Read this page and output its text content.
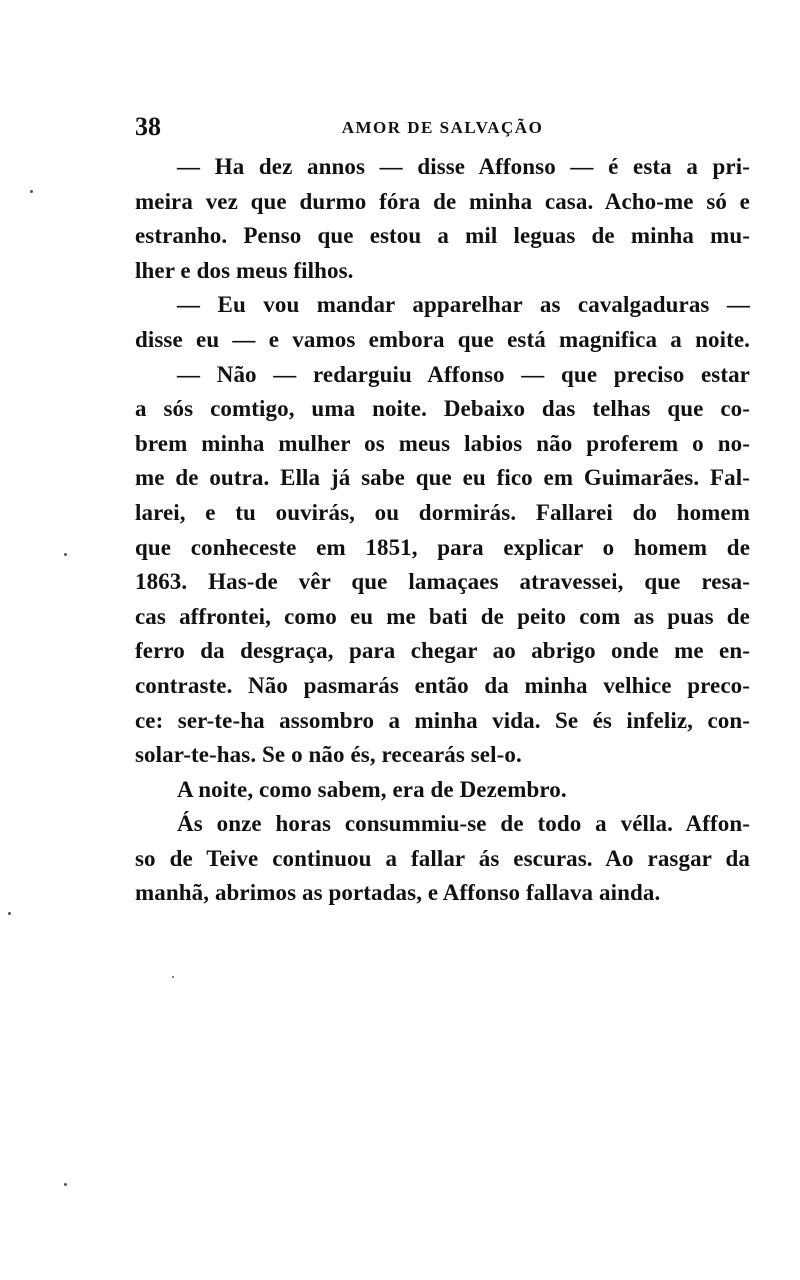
38	AMOR DE SALVAÇÃO
— Ha dez annos — disse Affonso — é esta a pri-
meira vez que durmo fóra de minha casa. Acho-me só e
estranho. Penso que estou a mil leguas de minha mu-
lher e dos meus filhos.
— Eu vou mandar apparelhar as cavalgaduras —
disse eu — e vamos embora que está magnifica a noite.
— Não — redarguiu Affonso — que preciso estar
a sós comtigo, uma noite. Debaixo das telhas que co-
brem minha mulher os meus labios não proferem o no-
me de outra. Ella já sabe que eu fico em Guimarães. Fal-
larei, e tu ouvirás, ou dormirás. Fallarei do homem
que conheceste em 1851, para explicar o homem de
1863. Has-de vêr que lamaçaes atravessei, que resa-
cas affrontei, como eu me bati de peito com as puas de
ferro da desgraça, para chegar ao abrigo onde me en-
contraste. Não pasmarás então da minha velhice preco-
ce: ser-te-ha assombro a minha vida. Se és infeliz, con-
solar-te-has. Se o não és, recearás sel-o.
A noite, como sabem, era de Dezembro.
Ás onze horas consummiu-se de todo a vélla. Affon-
so de Teive continuou a fallar ás escuras. Ao rasgar da
manhã, abrimos as portadas, e Affonso fallava ainda.
